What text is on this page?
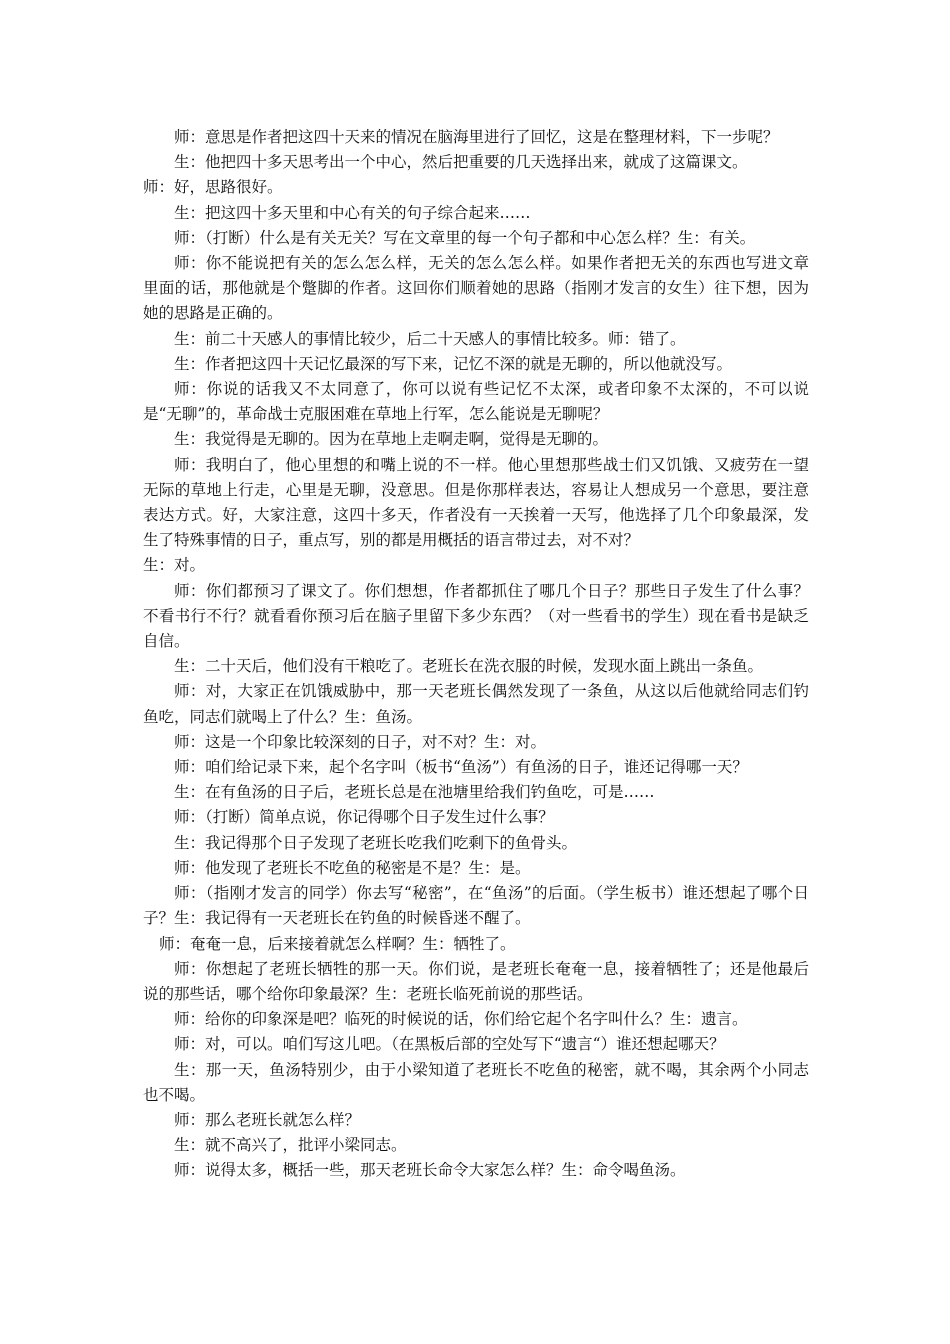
师：意思是作者把这四十天来的情况在脑海里进行了回忆，这是在整理材料，下一步呢？

生：他把四十多天思考出一个中心，然后把重要的几天选择出来，就成了这篇课文。

师：好，思路很好。

生：把这四十多天里和中心有关的句子综合起来……

师：（打断）什么是有关无关？写在文章里的每一个句子都和中心怎么样？生：有关。

师：你不能说把有关的怎么怎么样，无关的怎么怎么样。如果作者把无关的东西也写进文章里面的话，那他就是个蹩脚的作者。这回你们顺着她的思路（指刚才发言的女生）往下想，因为她的思路是正确的。

生：前二十天感人的事情比较少，后二十天感人的事情比较多。师：错了。

生：作者把这四十天记忆最深的写下来，记忆不深的就是无聊的，所以他就没写。

师：你说的话我又不太同意了，你可以说有些记忆不太深，或者印象不太深的，不可以说是“无聊”的，革命战士克服困难在草地上行军，怎么能说是无聊呢？

生：我觉得是无聊的。因为在草地上走啊走啊，觉得是无聊的。

师：我明白了，他心里想的和嘴上说的不一样。他心里想那些战士们又饥饿、又疲劳在一望无际的草地上行走，心里是无聊，没意思。但是你那样表达，容易让人想成另一个意思，要注意表达方式。好，大家注意，这四十多天，作者没有一天挨着一天写，他选择了几个印象最深，发生了特殊事情的日子，重点写，别的都是用概括的语言带过去，对不对？

生：对。

师：你们都预习了课文了。你们想想，作者都抓住了哪几个日子？那些日子发生了什么事？不看书行不行？就看看你预习后在脑子里留下多少东西？（对一些看书的学生）现在看书是缺乏自信。

生：二十天后，他们没有干粮吃了。老班长在洗衣服的时候，发现水面上跳出一条鱼。

师：对，大家正在饥饿威胁中，那一天老班长偶然发现了一条鱼，从这以后他就给同志们钓鱼吃，同志们就喝上了什么？生：鱼汤。

师：这是一个印象比较深刻的日子，对不对？生：对。

师：咱们给记录下来，起个名字叫（板书“鱼汤”）有鱼汤的日子，谁还记得哪一天？

生：在有鱼汤的日子后，老班长总是在池塘里给我们钓鱼吃，可是……

师：（打断）简单点说，你记得哪个日子发生过什么事？

生：我记得那个日子发现了老班长吃我们吃剩下的鱼骨头。

师：他发现了老班长不吃鱼的秘密是不是？生：是。

师：（指刚才发言的同学）你去写“秘密”，在“鱼汤”的后面。（学生板书）谁还想起了哪个日子？生：我记得有一天老班长在钓鱼的时候昏迷不醒了。

师：奄奄一息，后来接着就怎么样啊？生：牺牲了。

师：你想起了老班长牺牲的那一天。你们说，是老班长奄奄一息，接着牺牲了；还是他最后说的那些话，哪个给你印象最深？生：老班长临死前说的那些话。

师：给你的印象深是吧？临死的时候说的话，你们给它起个名字叫什么？生：遗言。

师：对，可以。咱们写这儿吧。（在黑板后部的空处写下“遗言“）谁还想起哪天？

生：那一天，鱼汤特别少，由于小梁知道了老班长不吃鱼的秘密，就不喝，其余两个小同志也不喝。

师：那么老班长就怎么样？

生：就不高兴了，批评小梁同志。

师：说得太多，概括一些，那天老班长命令大家怎么样？生：命令喝鱼汤。
